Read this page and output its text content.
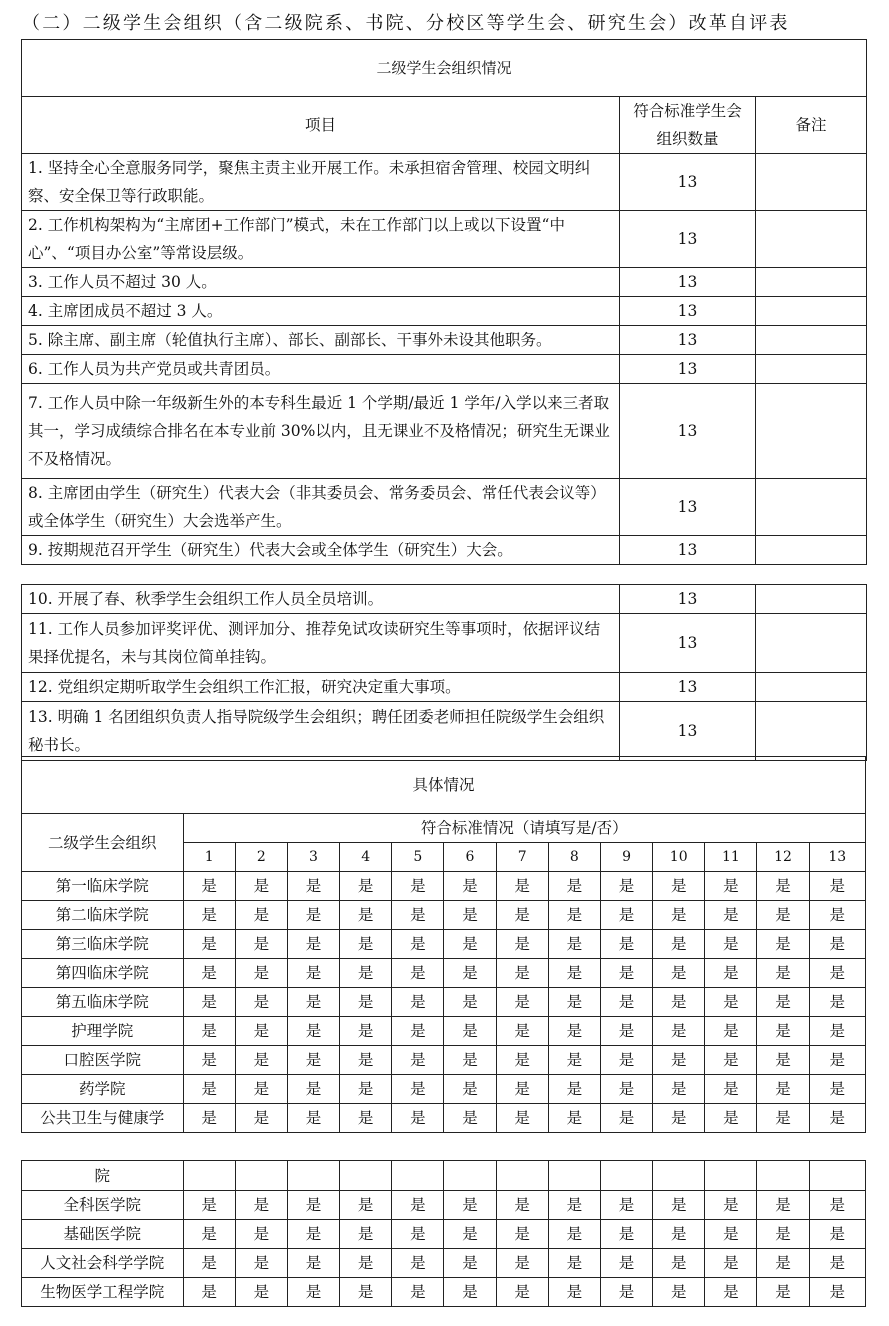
（二）二级学生会组织（含二级院系、书院、分校区等学生会、研究生会）改革自评表
二级学生会组织情况		
项目	符合标准学生会组织数量	备注
1. 坚持全心全意服务同学，聚焦主责主业开展工作。未承担宿舍管理、校园文明纠察、安全保卫等行政职能。	13	
2. 工作机构架构为“主席团+工作部门”模式，未在工作部门以上或以下设置“中心”、“项目办公室”等常设层级。	13	
3. 工作人员不超过 30 人。	13	
4. 主席团成员不超过 3 人。	13	
5. 除主席、副主席（轮值执行主席）、部长、副部长、干事外未设其他职务。	13	
6. 工作人员为共产党员或共青团员。	13	
7. 工作人员中除一年级新生外的本专科生最近 1 个学期/最近 1 学年/入学以来三者取其一，学习成绩综合排名在本专业前 30%以内，且无课业不及格情况；研究生无课业不及格情况。	13	
8. 主席团由学生（研究生）代表大会（非其委员会、常务委员会、常任代表会议等）或全体学生（研究生）大会选举产生。	13	
9. 按期规范召开学生（研究生）代表大会或全体学生（研究生）大会。	13	
10. 开展了春、秋季学生会组织工作人员全员培训。	13	
11. 工作人员参加评奖评优、测评加分、推荐免试攻读研究生等事项时，依据评议结果择优提名，未与其岗位简单挂钩。	13	
12. 党组织定期听取学生会组织工作汇报，研究决定重大事项。	13	
13. 明确 1 名团组织负责人指导院级学生会组织；聘任团委老师担任院级学生会组织秘书长。	13	
具体情况													
二级学生会组织	符合标准情况（请填写是/否）												
	1	2	3	4	5	6	7	8	9	10	11	12	13
第一临床学院	是	是	是	是	是	是	是	是	是	是	是	是	是
第二临床学院	是	是	是	是	是	是	是	是	是	是	是	是	是
第三临床学院	是	是	是	是	是	是	是	是	是	是	是	是	是
第四临床学院	是	是	是	是	是	是	是	是	是	是	是	是	是
第五临床学院	是	是	是	是	是	是	是	是	是	是	是	是	是
护理学院	是	是	是	是	是	是	是	是	是	是	是	是	是
口腔医学院	是	是	是	是	是	是	是	是	是	是	是	是	是
药学院	是	是	是	是	是	是	是	是	是	是	是	是	是
公共卫生与健康学	是	是	是	是	是	是	是	是	是	是	是	是	是
院													
全科医学院	是	是	是	是	是	是	是	是	是	是	是	是	是
基础医学院	是	是	是	是	是	是	是	是	是	是	是	是	是
人文社会科学学院	是	是	是	是	是	是	是	是	是	是	是	是	是
生物医学工程学院	是	是	是	是	是	是	是	是	是	是	是	是	是
